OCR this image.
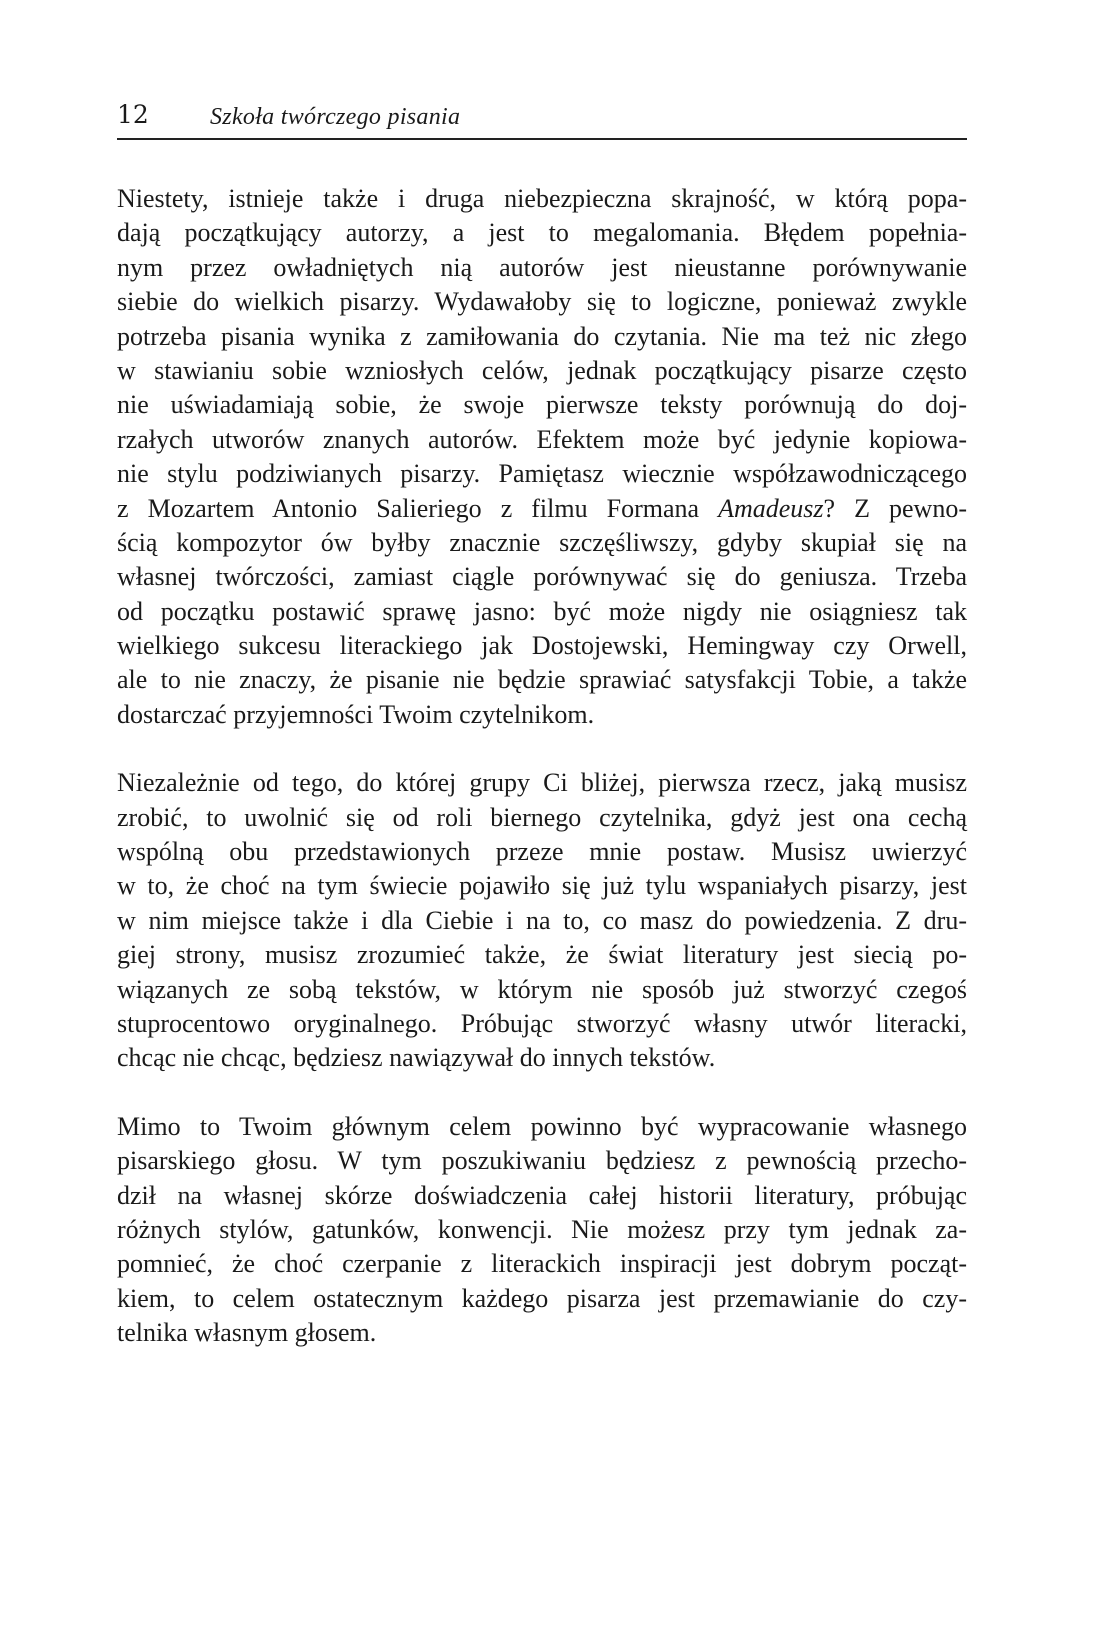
12	Szkoła twórczego pisania

Niestety, istnieje także i druga niebezpieczna skrajność, w którą popa-
dają początkujący autorzy, a jest to megalomania. Błędem popełnia-
nym przez owładniętych nią autorów jest nieustanne porównywanie
siebie do wielkich pisarzy. Wydawałoby się to logiczne, ponieważ zwykle
potrzeba pisania wynika z zamiłowania do czytania. Nie ma też nic złego
w stawianiu sobie wzniosłych celów, jednak początkujący pisarze często
nie uświadamiają sobie, że swoje pierwsze teksty porównują do doj-
rzałych utworów znanych autorów. Efektem może być jedynie kopiowa-
nie stylu podziwianych pisarzy. Pamiętasz wiecznie współzawodniczącego
z Mozartem Antonio Salieriego z filmu Formana Amadeusz? Z pewno-
ścią kompozytor ów byłby znacznie szczęśliwszy, gdyby skupiał się na
własnej twórczości, zamiast ciągle porównywać się do geniusza. Trzeba
od początku postawić sprawę jasno: być może nigdy nie osiągniesz tak
wielkiego sukcesu literackiego jak Dostojewski, Hemingway czy Orwell,
ale to nie znaczy, że pisanie nie będzie sprawiać satysfakcji Tobie, a także
dostarczać przyjemności Twoim czytelnikom.

Niezależnie od tego, do której grupy Ci bliżej, pierwsza rzecz, jaką musisz
zrobić, to uwolnić się od roli biernego czytelnika, gdyż jest ona cechą
wspólną obu przedstawionych przeze mnie postaw. Musisz uwierzyć
w to, że choć na tym świecie pojawiło się już tylu wspaniałych pisarzy, jest
w nim miejsce także i dla Ciebie i na to, co masz do powiedzenia. Z dru-
giej strony, musisz zrozumieć także, że świat literatury jest siecią po-
wiązanych ze sobą tekstów, w którym nie sposób już stworzyć czegoś
stuprocentowo oryginalnego. Próbując stworzyć własny utwór literacki,
chcąc nie chcąc, będziesz nawiązywał do innych tekstów.

Mimo to Twoim głównym celem powinno być wypracowanie własnego
pisarskiego głosu. W tym poszukiwaniu będziesz z pewnością przecho-
dził na własnej skórze doświadczenia całej historii literatury, próbując
różnych stylów, gatunków, konwencji. Nie możesz przy tym jednak za-
pomnieć, że choć czerpanie z literackich inspiracji jest dobrym począt-
kiem, to celem ostatecznym każdego pisarza jest przemawianie do czy-
telnika własnym głosem.
